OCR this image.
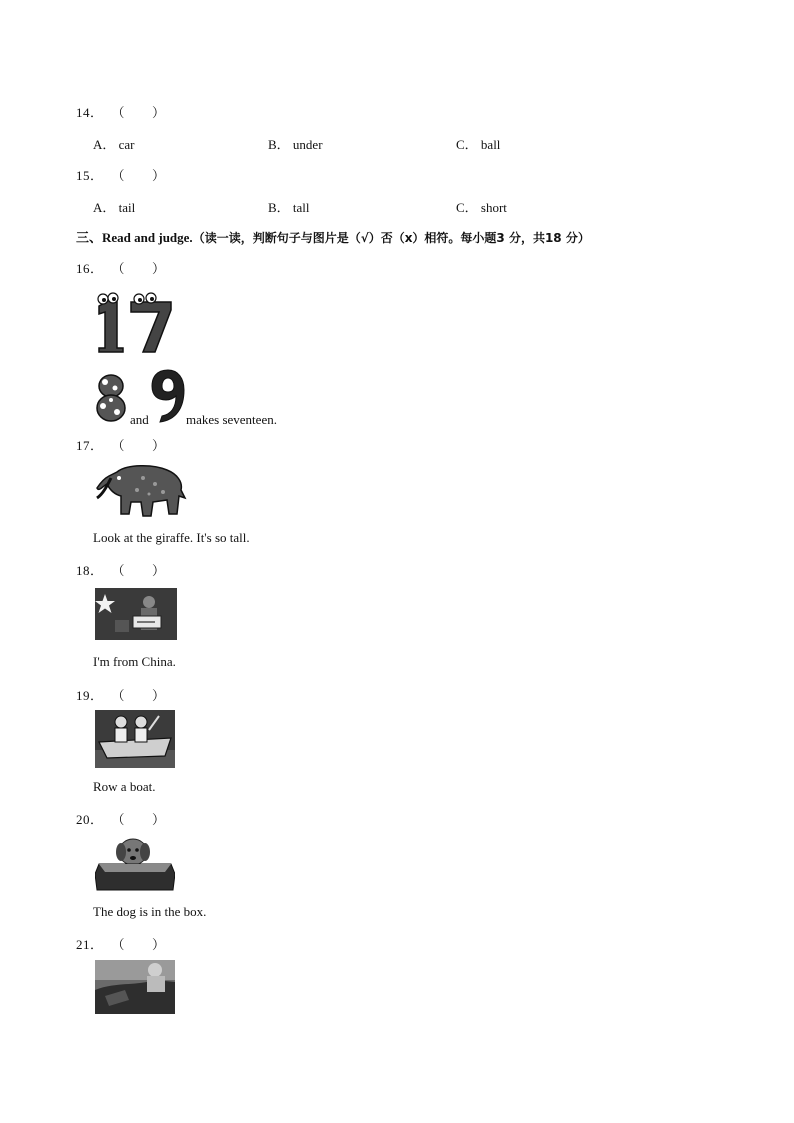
14． （　　）
A． car	B． under	C． ball
15． （　　）
A． tail	B． tall	C． short
三、Read and judge.（读一读，判断句子与图片是（√）否（x）相符。每小题3 分，共18 分）
16． （　　）
and	makes seventeen.
17． （　　）
Look at the giraffe. It's so tall.
18． （　　）
I'm from China.
19． （　　）
Row a boat.
20． （　　）
The dog is in the box.
21． （　　）
